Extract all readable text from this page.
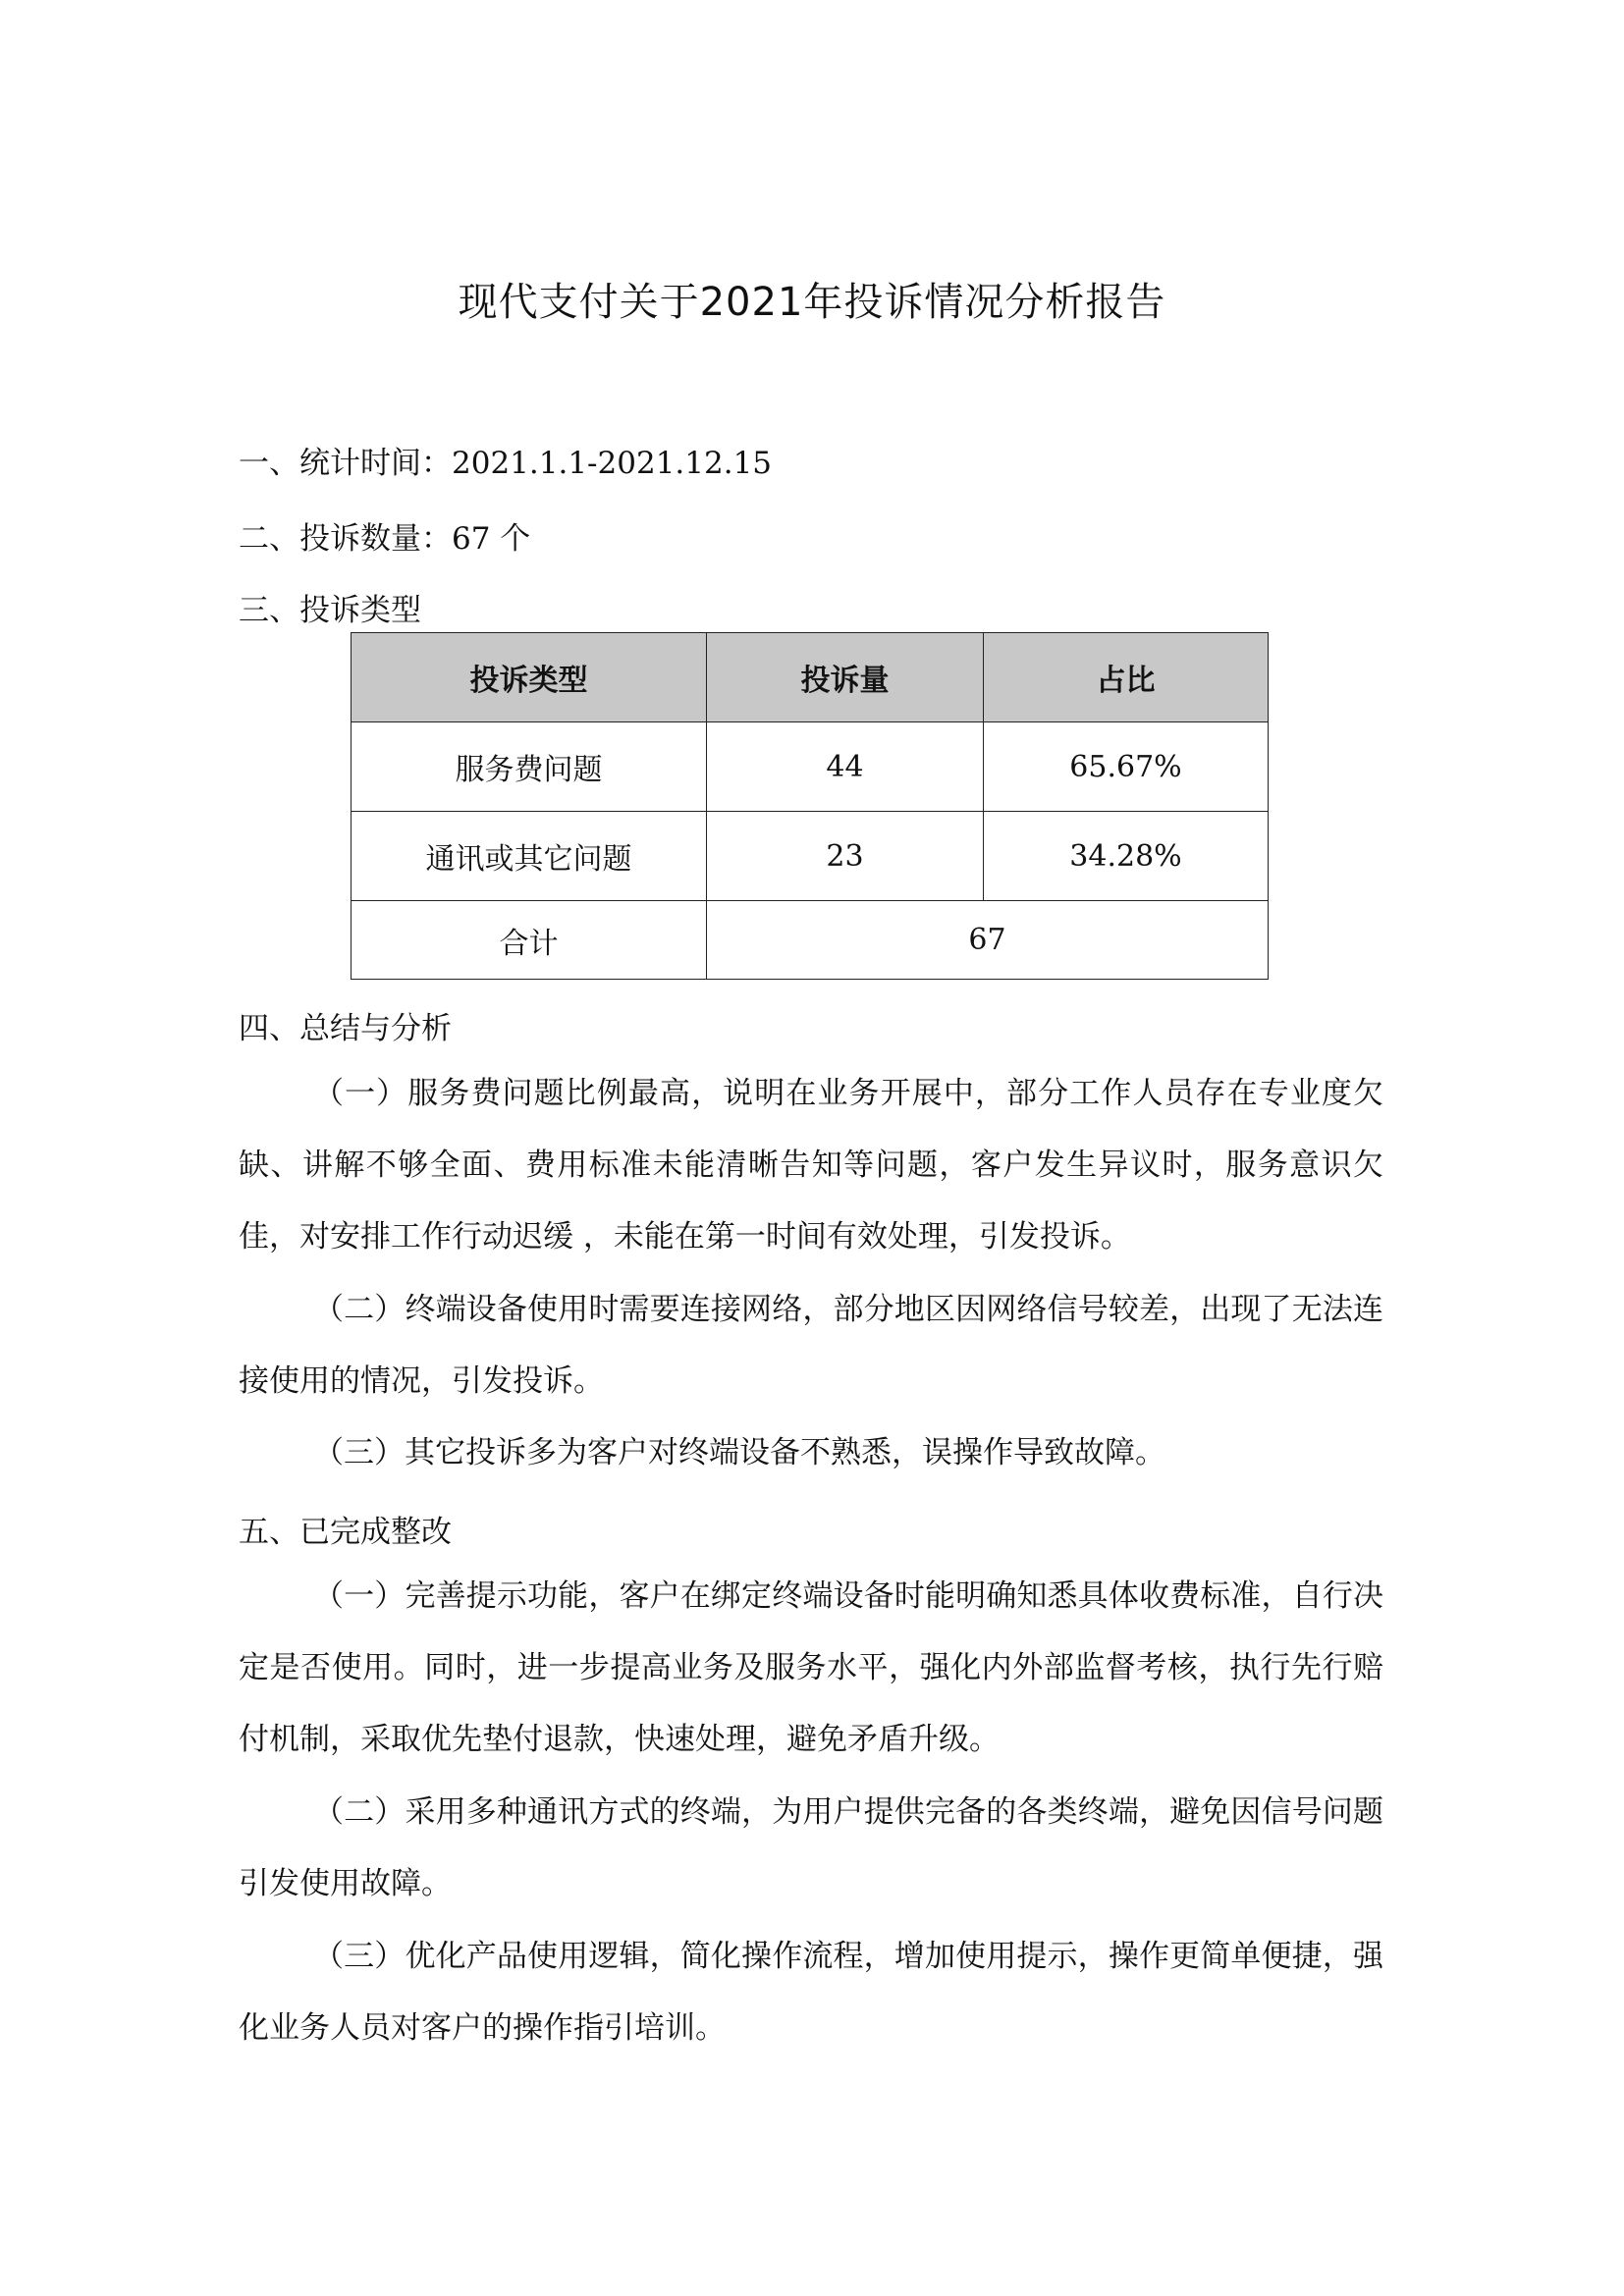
现代支付关于2021年投诉情况分析报告
一、统计时间：2021.1.1-2021.12.15
二、投诉数量：67 个
三、投诉类型
投诉类型	投诉量	占比
服务费问题	44	65.67%
通讯或其它问题	23	34.28%
合计	67	
四、总结与分析

（一）服务费问题比例最高，说明在业务开展中，部分工作人员存在专业度欠缺、讲解不够全面、费用标准未能清晰告知等问题，客户发生异议时，服务意识欠佳，对安排工作行动迟缓 ，未能在第一时间有效处理，引发投诉。

（二）终端设备使用时需要连接网络，部分地区因网络信号较差，出现了无法连接使用的情况，引发投诉。

（三）其它投诉多为客户对终端设备不熟悉，误操作导致故障。

五、已完成整改

（一）完善提示功能，客户在绑定终端设备时能明确知悉具体收费标准，自行决定是否使用。同时，进一步提高业务及服务水平，强化内外部监督考核，执行先行赔付机制，采取优先垫付退款，快速处理，避免矛盾升级。

（二）采用多种通讯方式的终端，为用户提供完备的各类终端，避免因信号问题引发使用故障。

（三）优化产品使用逻辑，简化操作流程，增加使用提示，操作更简单便捷，强化业务人员对客户的操作指引培训。
